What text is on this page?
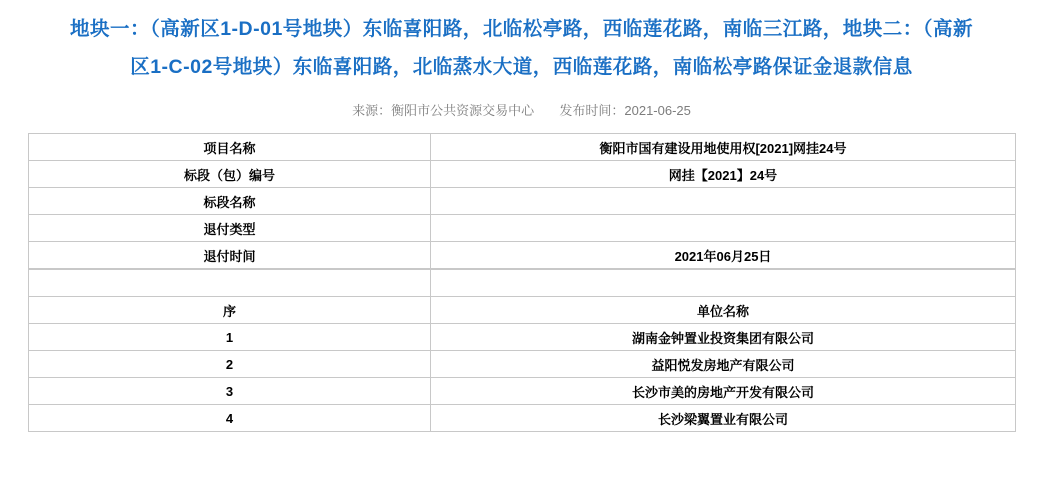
地块一：（高新区1-D-01号地块）东临喜阳路，北临松亭路，西临莲花路，南临三江路，地块二：（高新
区1-C-02号地块）东临喜阳路，北临蒸水大道，西临莲花路，南临松亭路保证金退款信息
来源：衡阳市公共资源交易中心 发布时间：2021-06-25
项目名称	衡阳市国有建设用地使用权[2021]网挂24号
标段（包）编号	网挂【2021】24号
标段名称	
退付类型	
退付时间	2021年06月25日

序	单位名称
1	湖南金钟置业投资集团有限公司
2	益阳悦发房地产有限公司
3	长沙市美的房地产开发有限公司
4	长沙梁翼置业有限公司
